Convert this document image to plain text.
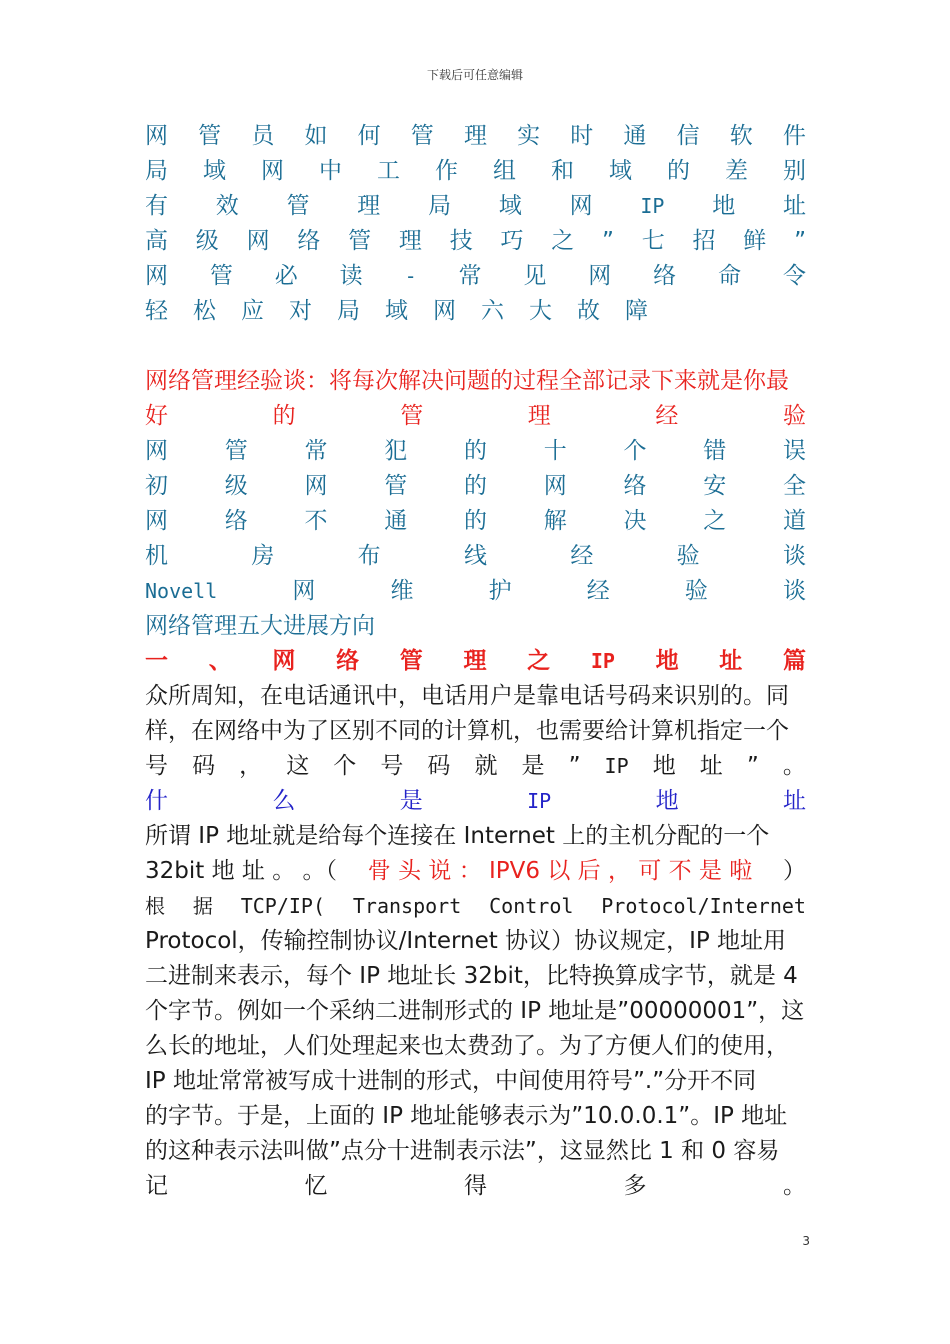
下载后可任意编辑
网 管 员 如 何 管 理 实 时 通 信 软 件
局 域 网 中 工 作 组 和 域 的 差 别
有 效 管 理 局 域 网 IP 地 址
高 级 网 络 管 理 技 巧 之 ” 七 招 鲜 ”
网 管 必 读 - 常 见 网 络 命 令
轻 松 应 对 局 域 网 六 大 故 障
网络管理经验谈：将每次解决问题的过程全部记录下来就是你最
好	的	管	理	经	验
网 管 常 犯 的 十 个 错 误
初 级 网 管 的 网 络 安 全
网 络 不 通 的 解 决 之 道
机	房	布	线	经	验	谈
Novell	网	维	护	经	验	谈
网络管理五大进展方向
一 、 网 络 管 理 之 IP 地 址 篇
众所周知，在电话通讯中，电话用户是靠电话号码来识别的。同
样，在网络中为了区别不同的计算机，也需要给计算机指定一个
号 码 ， 这 个 号 码 就 是 ” IP 地 址 ” 。
什	么	是	IP	地	址
所谓 IP 地址就是给每个连接在 Internet 上的主机分配的一个
32bit 地 址 。 。（ 骨 头 说 ： IPV6 以 后 ， 可 不 是 啦 ）
根 据 TCP/IP( Transport Control Protocol/Internet
Protocol，传输控制协议/Internet 协议）协议规定，IP 地址用
二进制来表示，每个 IP 地址长 32bit，比特换算成字节，就是 4
个字节。例如一个采纳二进制形式的 IP 地址是”00000001”，这
么长的地址，人们处理起来也太费劲了。为了方便人们的使用，
IP 地址常常被写成十进制的形式，中间使用符号”.”分开不同
的字节。于是，上面的 IP 地址能够表示为”10.0.0.1”。IP 地址
的这种表示法叫做”点分十进制表示法”，这显然比 1 和 0 容易
记	忆	得	多	。
3
